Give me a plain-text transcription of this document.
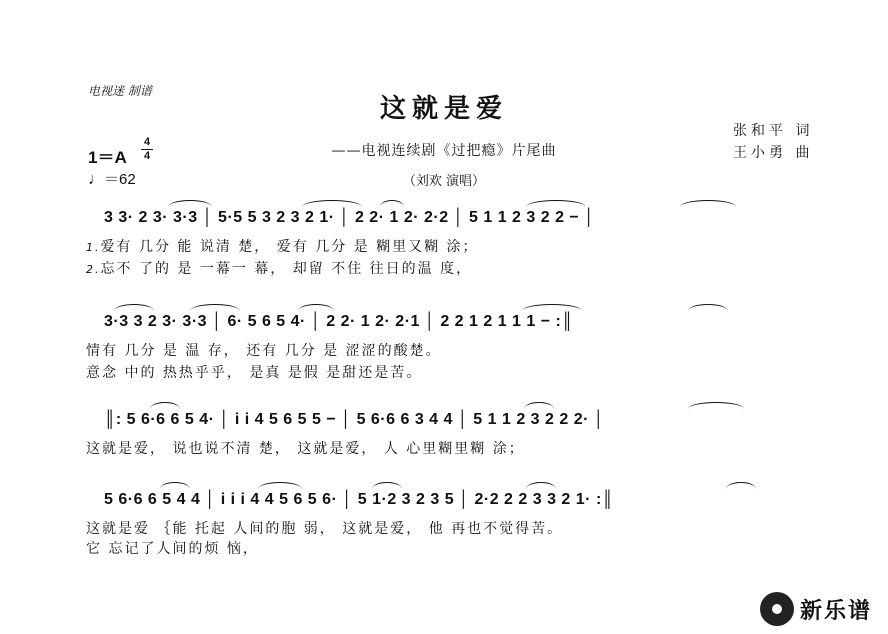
电视迷 制谱
这就是爱
——电视连续剧《过把瘾》片尾曲
（刘欢 演唱）
张和平 词
王小勇 曲
1＝A
4
4
♩＝62
3 3· 2 3· 3·3 │ 5·5 5 3 2 3 2 1· │ 2 2· 1 2· 2·2 │ 5 1 1 2 3 2 2 − │
1.爱有 几分 能 说清 楚， 爱有 几分 是 糊里又糊 涂；
2.忘不 了的 是 一幕一 幕， 却留 不住 往日的温 度，
3·3 3 2 3· 3·3 │ 6· 5 6 5 4· │ 2 2· 1 2· 2·1 │ 2 2 1 2 1 1 1 − :║
情有 几分 是 温 存， 还有 几分 是 涩涩的酸楚。
意念 中的 热热乎乎， 是真 是假 是甜还是苦。
║: 5 6·6 6 5 4· │ i i 4 5 6 5 5 − │ 5 6·6 6 3 4 4 │ 5 1 1 2 3 2 2 2· │
这就是爱， 说也说不清 楚， 这就是爱， 人 心里糊里糊 涂；
5 6·6 6 5 4 4 │ i i i 4 4 5 6 5 6· │ 5 1·2 3 2 3 5 │ 2·2 2 2 3 3 2 1· :║
这就是爱 ｛能 托起 人间的胞 弱， 这就是爱， 他 再也不觉得苦。
它 忘记了人间的烦 恼，
新乐谱
